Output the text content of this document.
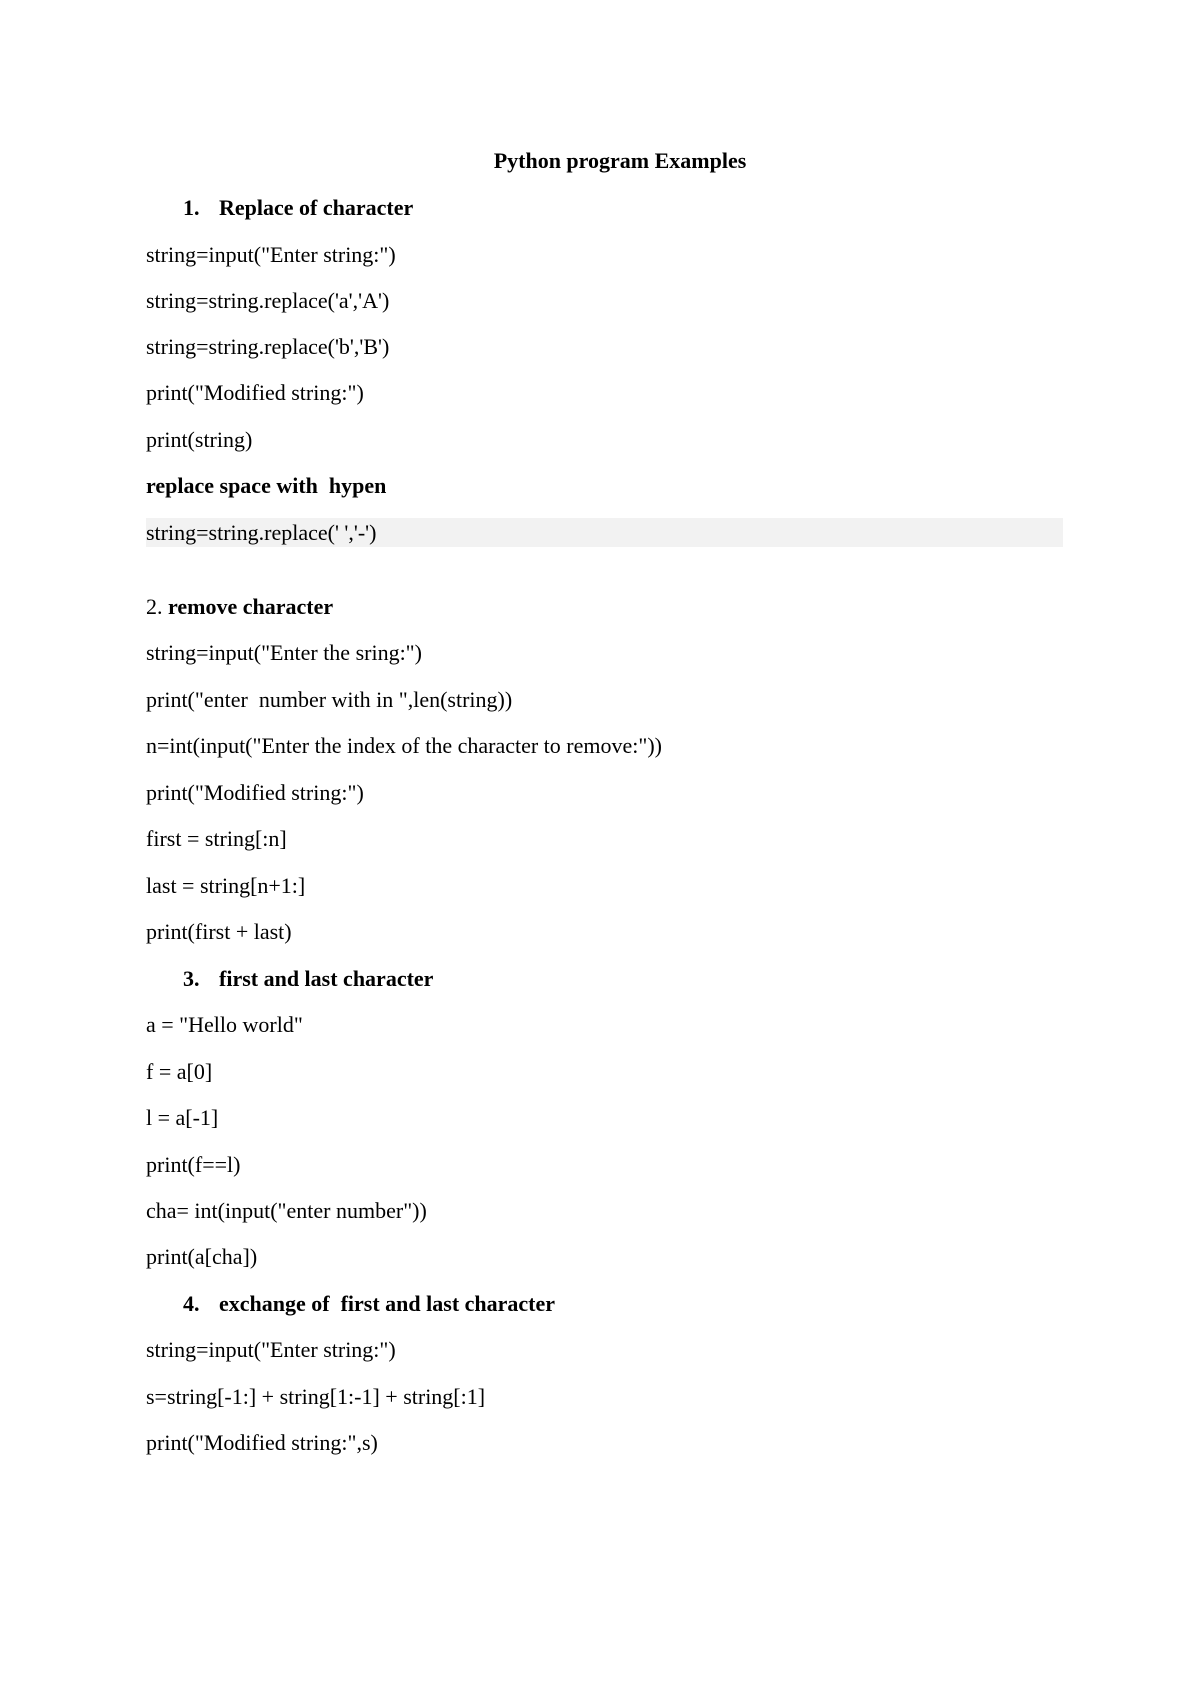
Python program Examples
1. Replace of character
string=input("Enter string:")
string=string.replace('a','A')
string=string.replace('b','B')
print("Modified string:")
print(string)
replace space with  hypen
string=string.replace(' ','-')
2. remove character
string=input("Enter the sring:")
print("enter  number with in ",len(string))
n=int(input("Enter the index of the character to remove:"))
print("Modified string:")
first = string[:n]
last = string[n+1:]
print(first + last)
3. first and last character
a = "Hello world"
f = a[0]
l = a[-1]
print(f==l)
cha= int(input("enter number"))
print(a[cha])
4. exchange of  first and last character
string=input("Enter string:")
s=string[-1:] + string[1:-1] + string[:1]
print("Modified string:",s)
